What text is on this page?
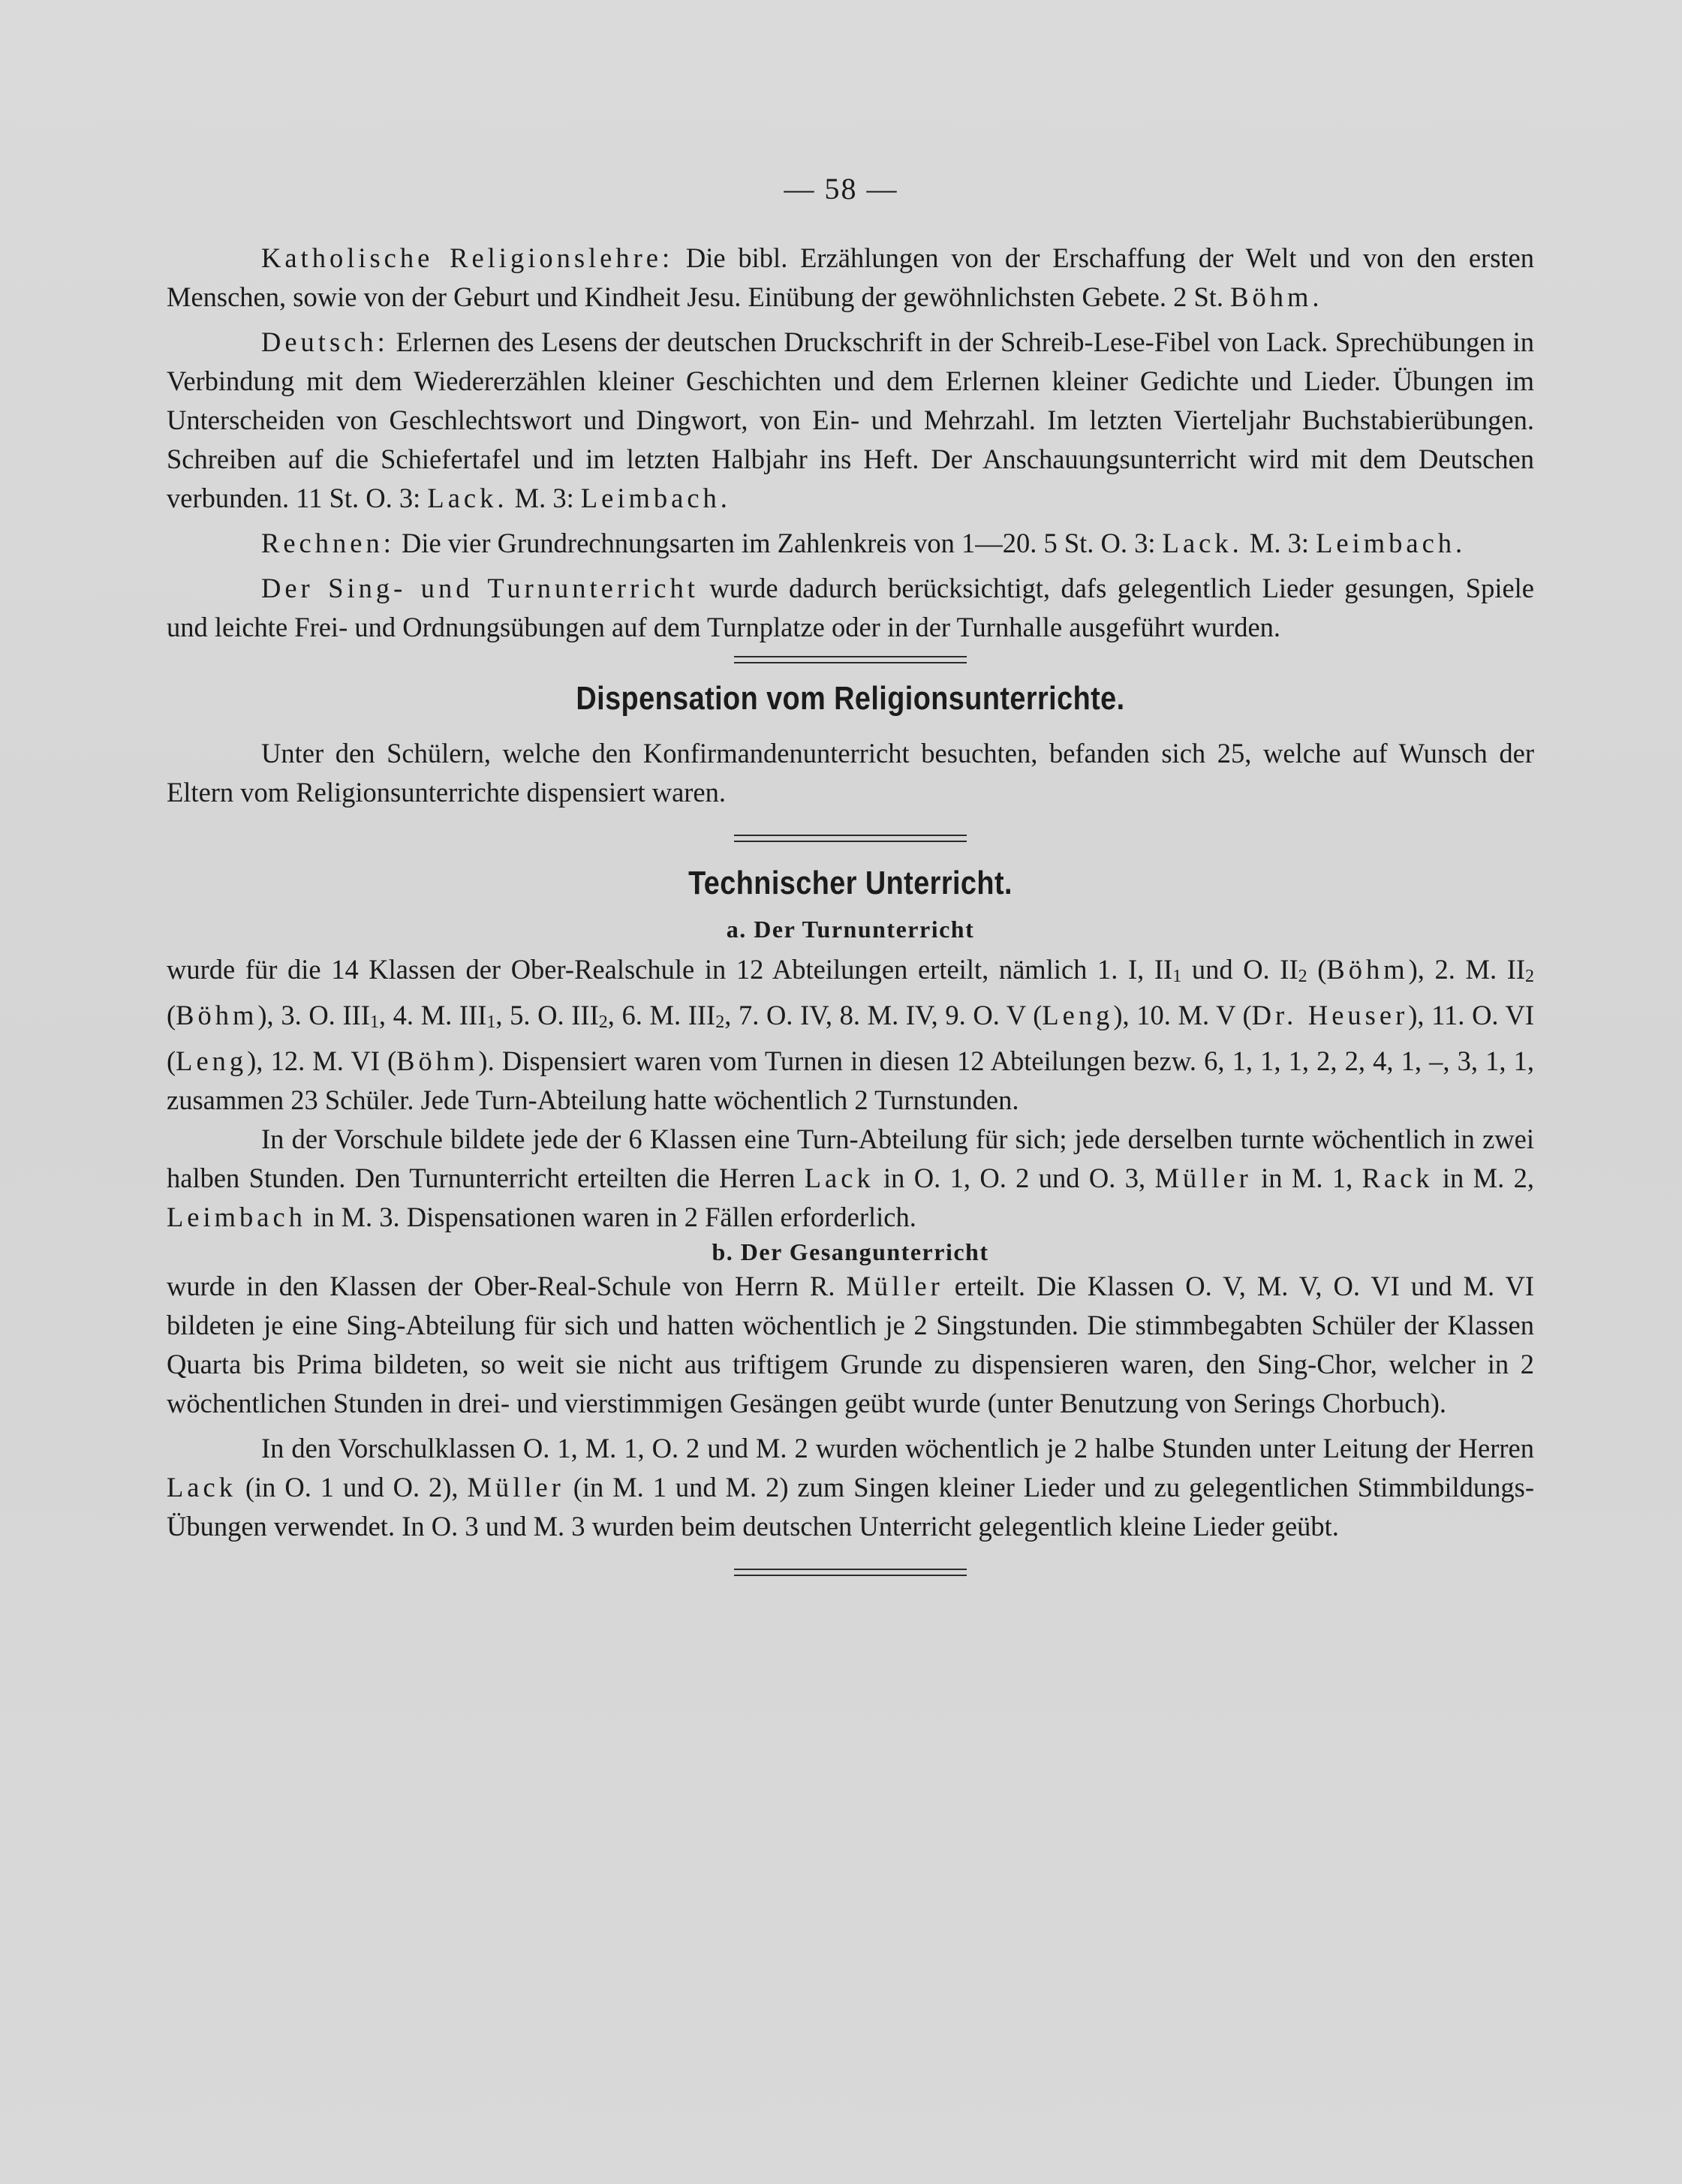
— 58 —

Katholische Religionslehre: Die bibl. Erzählungen von der Erschaffung der Welt und von den ersten Menschen, sowie von der Geburt und Kindheit Jesu. Einübung der gewöhnlichsten Gebete. 2 St. Böhm.

Deutsch: Erlernen des Lesens der deutschen Druckschrift in der Schreib-Lese-Fibel von Lack. Sprechübungen in Verbindung mit dem Wiedererzählen kleiner Geschichten und dem Erlernen kleiner Gedichte und Lieder. Übungen im Unterscheiden von Geschlechtswort und Dingwort, von Ein- und Mehrzahl. Im letzten Vierteljahr Buchstabierübungen. Schreiben auf die Schiefertafel und im letzten Halbjahr ins Heft. Der Anschauungsunterricht wird mit dem Deutschen verbunden. 11 St. O. 3: Lack. M. 3: Leimbach.

Rechnen: Die vier Grundrechnungsarten im Zahlenkreis von 1—20. 5 St. O. 3: Lack. M. 3: Leimbach.

Der Sing- und Turnunterricht wurde dadurch berücksichtigt, dafs gelegentlich Lieder gesungen, Spiele und leichte Frei- und Ordnungsübungen auf dem Turnplatze oder in der Turnhalle ausgeführt wurden.

Dispensation vom Religionsunterrichte.

Unter den Schülern, welche den Konfirmandenunterricht besuchten, befanden sich 25, welche auf Wunsch der Eltern vom Religionsunterrichte dispensiert waren.

Technischer Unterricht.
a. Der Turnunterricht

wurde für die 14 Klassen der Ober-Realschule in 12 Abteilungen erteilt, nämlich 1. I, II1 und O. II2 (Böhm), 2. M. II2 (Böhm), 3. O. III1, 4. M. III1, 5. O. III2, 6. M. III2, 7. O. IV, 8. M. IV, 9. O. V (Leng), 10. M. V (Dr. Heuser), 11. O. VI (Leng), 12. M. VI (Böhm). Dispensiert waren vom Turnen in diesen 12 Abteilungen bezw. 6, 1, 1, 1, 2, 2, 4, 1, –, 3, 1, 1, zusammen 23 Schüler. Jede Turn-Abteilung hatte wöchentlich 2 Turnstunden.

In der Vorschule bildete jede der 6 Klassen eine Turn-Abteilung für sich; jede derselben turnte wöchentlich in zwei halben Stunden. Den Turnunterricht erteilten die Herren Lack in O. 1, O. 2 und O. 3, Müller in M. 1, Rack in M. 2, Leimbach in M. 3. Dispensationen waren in 2 Fällen erforderlich.

b. Der Gesangunterricht

wurde in den Klassen der Ober-Real-Schule von Herrn R. Müller erteilt. Die Klassen O. V, M. V, O. VI und M. VI bildeten je eine Sing-Abteilung für sich und hatten wöchentlich je 2 Singstunden. Die stimmbegabten Schüler der Klassen Quarta bis Prima bildeten, so weit sie nicht aus triftigem Grunde zu dispensieren waren, den Sing-Chor, welcher in 2 wöchentlichen Stunden in drei- und vierstimmigen Gesängen geübt wurde (unter Benutzung von Serings Chorbuch).

In den Vorschulklassen O. 1, M. 1, O. 2 und M. 2 wurden wöchentlich je 2 halbe Stunden unter Leitung der Herren Lack (in O. 1 und O. 2), Müller (in M. 1 und M. 2) zum Singen kleiner Lieder und zu gelegentlichen Stimmbildungs-Übungen verwendet. In O. 3 und M. 3 wurden beim deutschen Unterricht gelegentlich kleine Lieder geübt.
